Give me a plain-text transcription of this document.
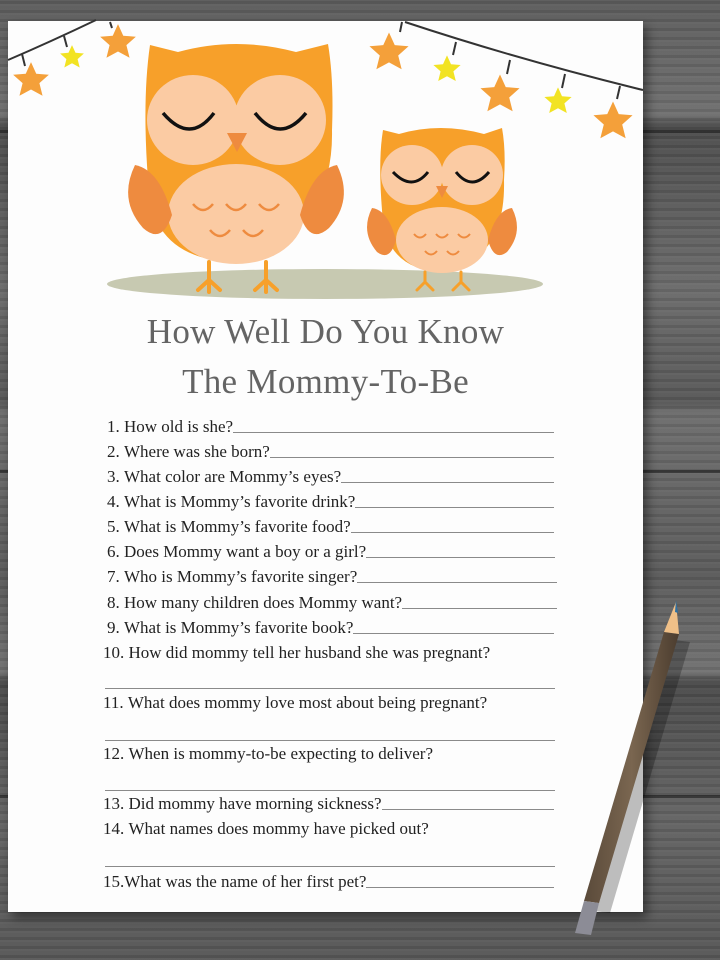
How Well Do You Know
The Mommy-To-Be
1.
How old is she?
2.
Where was she born?
3.
What color are Mommy’s eyes?
4.
What is Mommy’s favorite drink?
5.
What is Mommy’s favorite food?
6.
Does Mommy want a boy or a girl?
7.
Who is Mommy’s favorite singer?
8.
How many children does Mommy want?
9.
What is Mommy’s favorite book?
10.
How did mommy tell her husband she was pregnant?
11.
What does mommy love most about being pregnant?
12.
When is mommy-to-be expecting to deliver?
13.
Did mommy have morning sickness?
14.
What names does mommy have picked out?
15. What was the name of her first pet?
